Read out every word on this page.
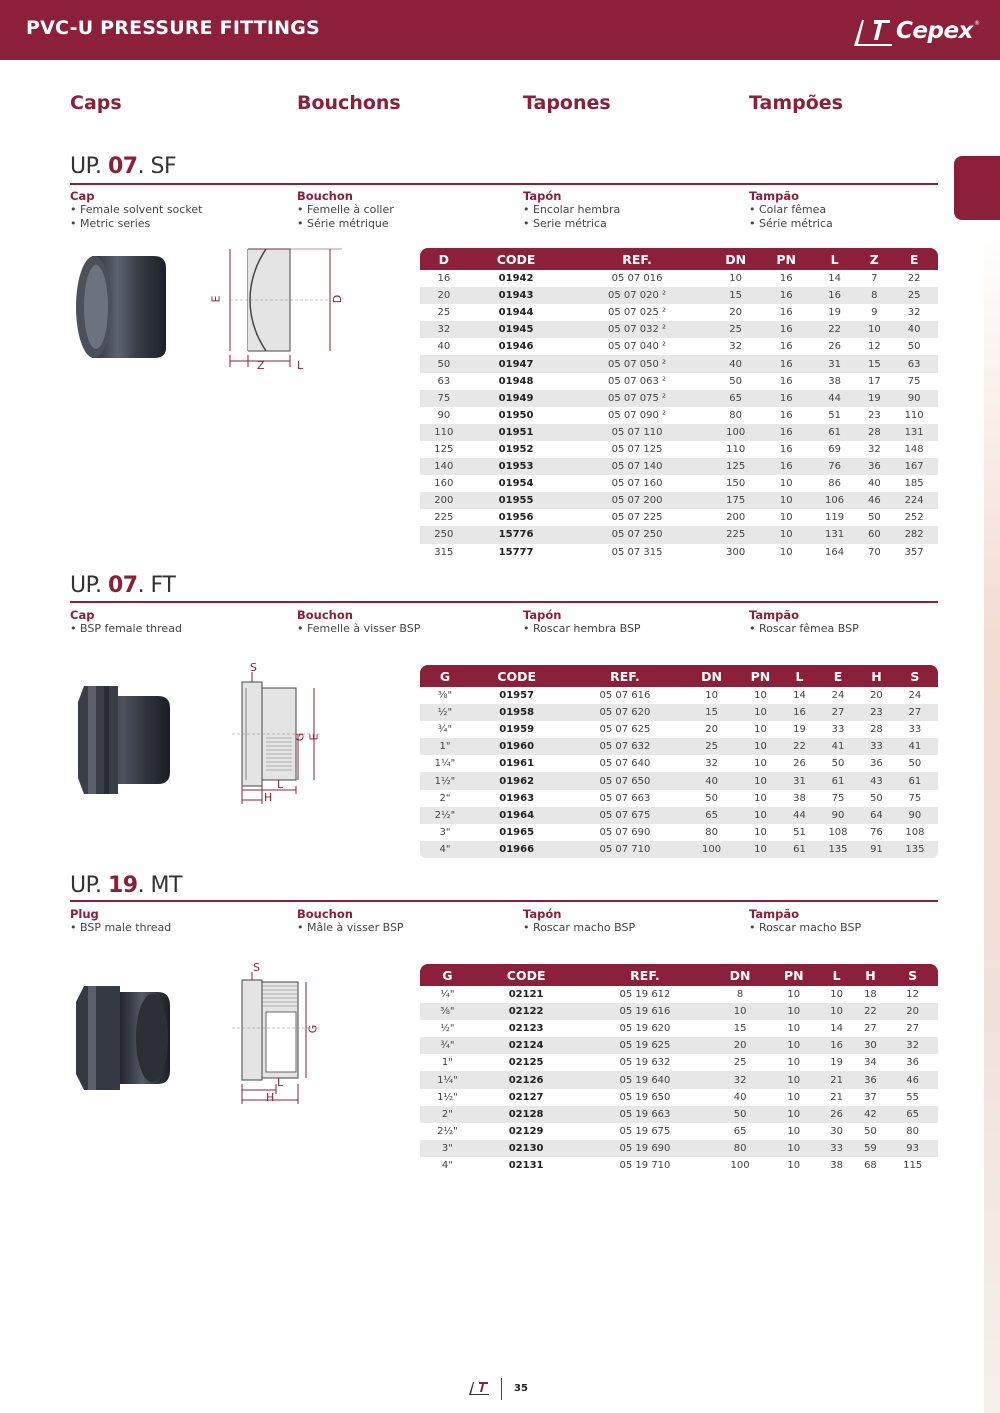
PVC-U PRESSURE FITTINGS	Cepex ®
Caps	Bouchons	Tapones	Tampões
UP. 07. SF
Cap
• Female solvent socket
• Metric series
Bouchon
• Femelle à coller
• Série métrique
Tapón
• Encolar hembra
• Serie métrica
Tampão
• Colar fêmea
• Série métrica
E	D
Z	L
D	CODE	REF.	DN	PN	L	Z	E
16	01942	05 07 016	10	16	14	7	22
20	01943	05 07 020 ²	15	16	16	8	25
25	01944	05 07 025 ²	20	16	19	9	32
32	01945	05 07 032 ²	25	16	22	10	40
40	01946	05 07 040 ²	32	16	26	12	50
50	01947	05 07 050 ²	40	16	31	15	63
63	01948	05 07 063 ²	50	16	38	17	75
75	01949	05 07 075 ²	65	16	44	19	90
90	01950	05 07 090 ²	80	16	51	23	110
110	01951	05 07 110	100	16	61	28	131
125	01952	05 07 125	110	16	69	32	148
140	01953	05 07 140	125	16	76	36	167
160	01954	05 07 160	150	10	86	40	185
200	01955	05 07 200	175	10	106	46	224
225	01956	05 07 225	200	10	119	50	252
250	15776	05 07 250	225	10	131	60	282
315	15777	05 07 315	300	10	164	70	357
UP. 07. FT
Cap
• BSP female thread
Bouchon
• Femelle à visser BSP
Tapón
• Roscar hembra BSP
Tampão
• Roscar fêmea BSP
S
G E
L
H
G	CODE	REF.	DN	PN	L	E	H	S
⅜"	01957	05 07 616	10	10	14	24	20	24
½"	01958	05 07 620	15	10	16	27	23	27
¾"	01959	05 07 625	20	10	19	33	28	33
1"	01960	05 07 632	25	10	22	41	33	41
1¼"	01961	05 07 640	32	10	26	50	36	50
1½"	01962	05 07 650	40	10	31	61	43	61
2"	01963	05 07 663	50	10	38	75	50	75
2½"	01964	05 07 675	65	10	44	90	64	90
3"	01965	05 07 690	80	10	51	108	76	108
4"	01966	05 07 710	100	10	61	135	91	135
UP. 19. MT
Plug
• BSP male thread
Bouchon
• Mâle à visser BSP
Tapón
• Roscar macho BSP
Tampão
• Roscar macho BSP
S
G
L
H
G	CODE	REF.	DN	PN	L	H	S
¼"	02121	05 19 612	8	10	10	18	12
⅜"	02122	05 19 616	10	10	10	22	20
½"	02123	05 19 620	15	10	14	27	27
¾"	02124	05 19 625	20	10	16	30	32
1"	02125	05 19 632	25	10	19	34	36
1¼"	02126	05 19 640	32	10	21	36	46
1½"	02127	05 19 650	40	10	21	37	55
2"	02128	05 19 663	50	10	26	42	65
2½"	02129	05 19 675	65	10	30	50	80
3"	02130	05 19 690	80	10	33	59	93
4"	02131	05 19 710	100	10	38	68	115
35
